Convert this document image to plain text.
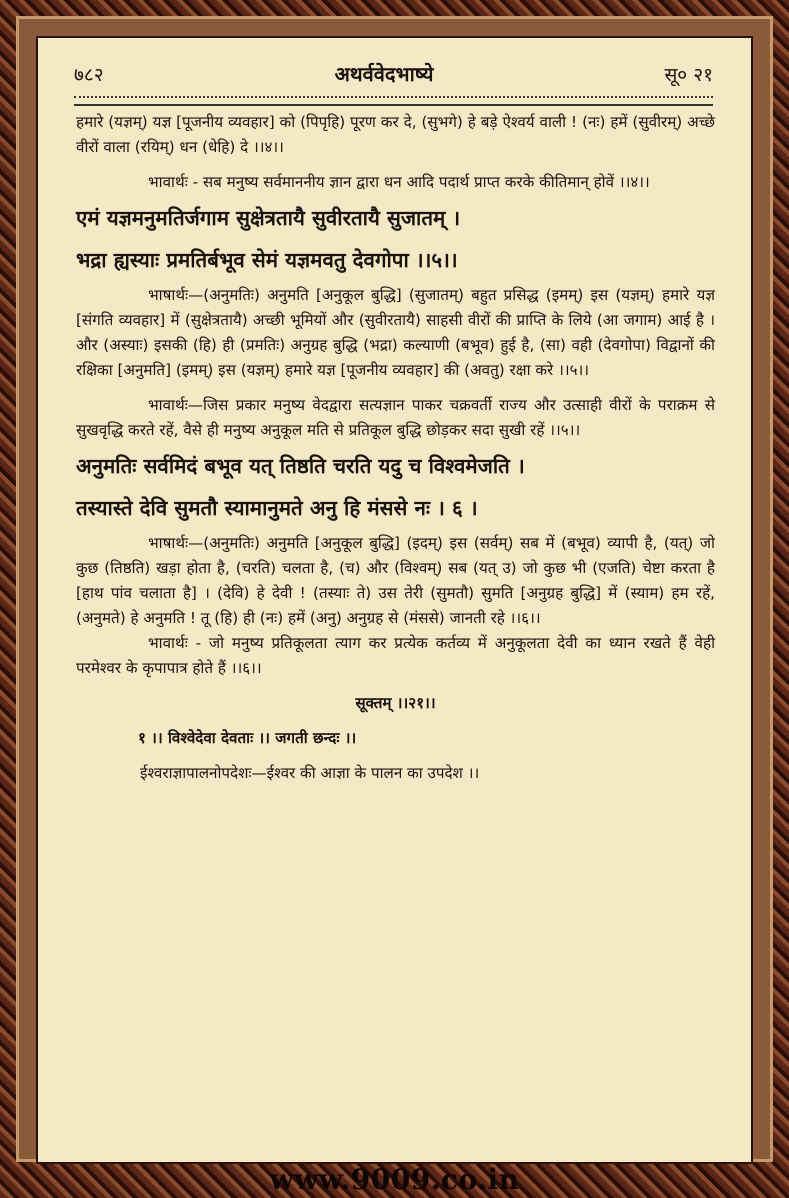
७८२	अथर्ववेदभाष्ये	सू० २१

हमारे (यज्ञम्) यज्ञ [पूजनीय व्यवहार] को (पिपृहि) पूरण कर दे, (सुभगे) हे बड़े ऐश्वर्य वाली ! (नः) हमें (सुवीरम्) अच्छे वीरों वाला (रयिम्) धन (धेहि) दे ।।४।।

भावार्थः - सब मनुष्य सर्वमाननीय ज्ञान द्वारा धन आदि पदार्थ प्राप्त करके कीतिमान् होवें ।।४।।

एमं यज्ञमनुमतिर्जगाम सुक्षेत्रतायै सुवीरतायै सुजातम् ।
भद्रा ह्यस्याः प्रमतिर्बभूव सेमं यज्ञमवतु देवगोपा ।।५।।

भाषार्थः—(अनुमतिः) अनुमति [अनुकूल बुद्धि] (सुजातम्) बहुत प्रसिद्ध (इमम्) इस (यज्ञम्) हमारे यज्ञ [संगति व्यवहार] में (सुक्षेत्रतायै) अच्छी भूमियों और (सुवीरतायै) साहसी वीरों की प्राप्ति के लिये (आ जगाम) आई है । और (अस्याः) इसकी (हि) ही (प्रमतिः) अनुग्रह बुद्धि (भद्रा) कल्याणी (बभूव) हुई है, (सा) वही (देवगोपा) विद्वानों की रक्षिका [अनुमति] (इमम्) इस (यज्ञम्) हमारे यज्ञ [पूजनीय व्यवहार] की (अवतु) रक्षा करे ।।५।।

भावार्थः—जिस प्रकार मनुष्य वेदद्वारा सत्यज्ञान पाकर चक्रवर्ती राज्य और उत्साही वीरों के पराक्रम से सुखवृद्धि करते रहें, वैसे ही मनुष्य अनुकूल मति से प्रतिकूल बुद्धि छोड़कर सदा सुखी रहें ।।५।।

अनुमतिः सर्वमिदं बभूव यत् तिष्ठति चरति यदु च विश्वमेजति ।
तस्यास्ते देवि सुमतौ स्यामानुमते अनु हि मंससे नः । ६ ।

भाषार्थः—(अनुमतिः) अनुमति [अनुकूल बुद्धि] (इदम्) इस (सर्वम्) सब में (बभूव) व्यापी है, (यत्) जो कुछ (तिष्ठति) खड़ा होता है, (चरति) चलता है, (च) और (विश्वम्) सब (यत् उ) जो कुछ भी (एजति) चेष्टा करता है [हाथ पांव चलाता है] । (देवि) हे देवी ! (तस्याः ते) उस तेरी (सुमतौ) सुमति [अनुग्रह बुद्धि] में (स्याम) हम रहें, (अनुमते) हे अनुमति ! तू (हि) ही (नः) हमें (अनु) अनुग्रह से (मंससे) जानती रहे ।।६।।

भावार्थः - जो मनुष्य प्रतिकूलता त्याग कर प्रत्येक कर्तव्य में अनुकूलता देवी का ध्यान रखते हैं वेही परमेश्वर के कृपापात्र होते हैं ।।६।।

सूक्तम् ।।२१।।
१ ।। विश्वेदेवा देवताः ।। जगती छन्दः ।।
ईश्वराज्ञापालनोपदेशः—ईश्वर की आज्ञा के पालन का उपदेश ।।
www.9009.co.in
